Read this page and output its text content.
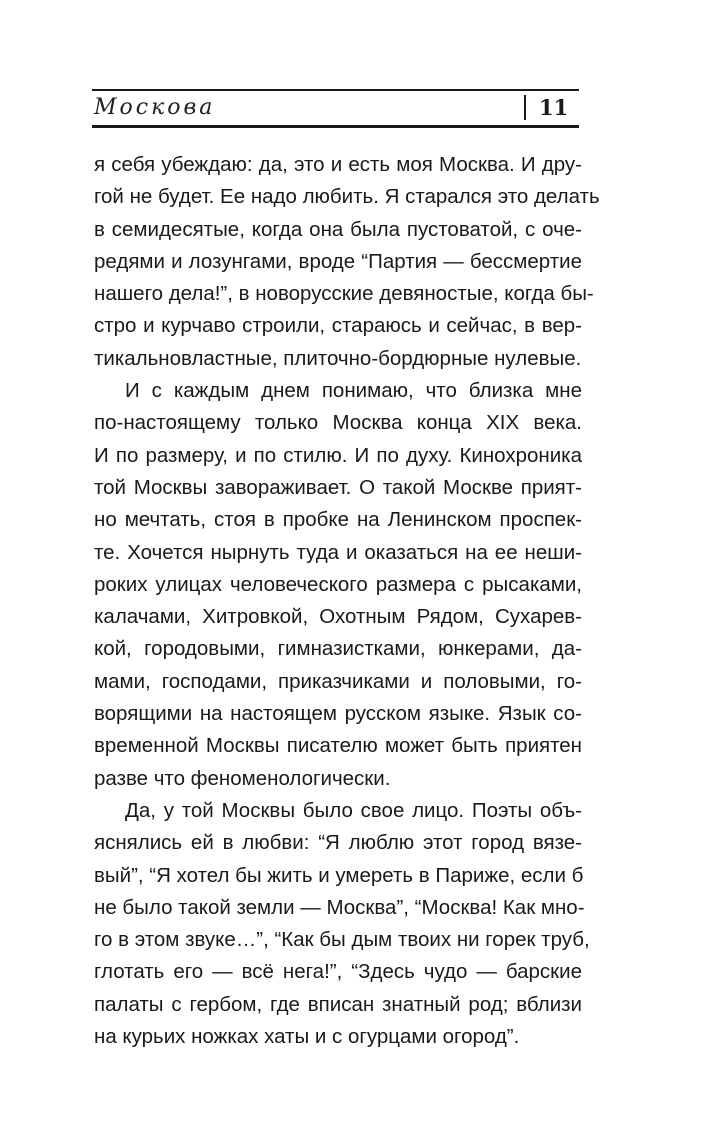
Москова	11
я себя убеждаю: да, это и есть моя Москва. И дру-
гой не будет. Ее надо любить. Я старался это делать
в семидесятые, когда она была пустоватой, с оче-
редями и лозунгами, вроде “Партия — бессмертие
нашего дела!”, в новорусские девяностые, когда бы-
стро и курчаво строили, стараюсь и сейчас, в вер-
тикальновластные, плиточно-бордюрные нулевые.
И с каждым днем понимаю, что близка мне
по-настоящему только Москва конца XIX века.
И по размеру, и по стилю. И по духу. Кинохроника
той Москвы завораживает. О такой Москве прият-
но мечтать, стоя в пробке на Ленинском проспек-
те. Хочется нырнуть туда и оказаться на ее неши-
роких улицах человеческого размера с рысаками,
калачами, Хитровкой, Охотным Рядом, Сухарев-
кой, городовыми, гимназистками, юнкерами, да-
мами, господами, приказчиками и половыми, го-
ворящими на настоящем русском языке. Язык со-
временной Москвы писателю может быть приятен
разве что феноменологически.
Да, у той Москвы было свое лицо. Поэты объ-
яснялись ей в любви: “Я люблю этот город вязе-
вый”, “Я хотел бы жить и умереть в Париже, если б
не было такой земли — Москва”, “Москва! Как мно-
го в этом звуке…”, “Как бы дым твоих ни горек труб,
глотать его — всё нега!”, “Здесь чудо — барские
палаты с гербом, где вписан знатный род; вблизи
на курьих ножках хаты и с огурцами огород”.
